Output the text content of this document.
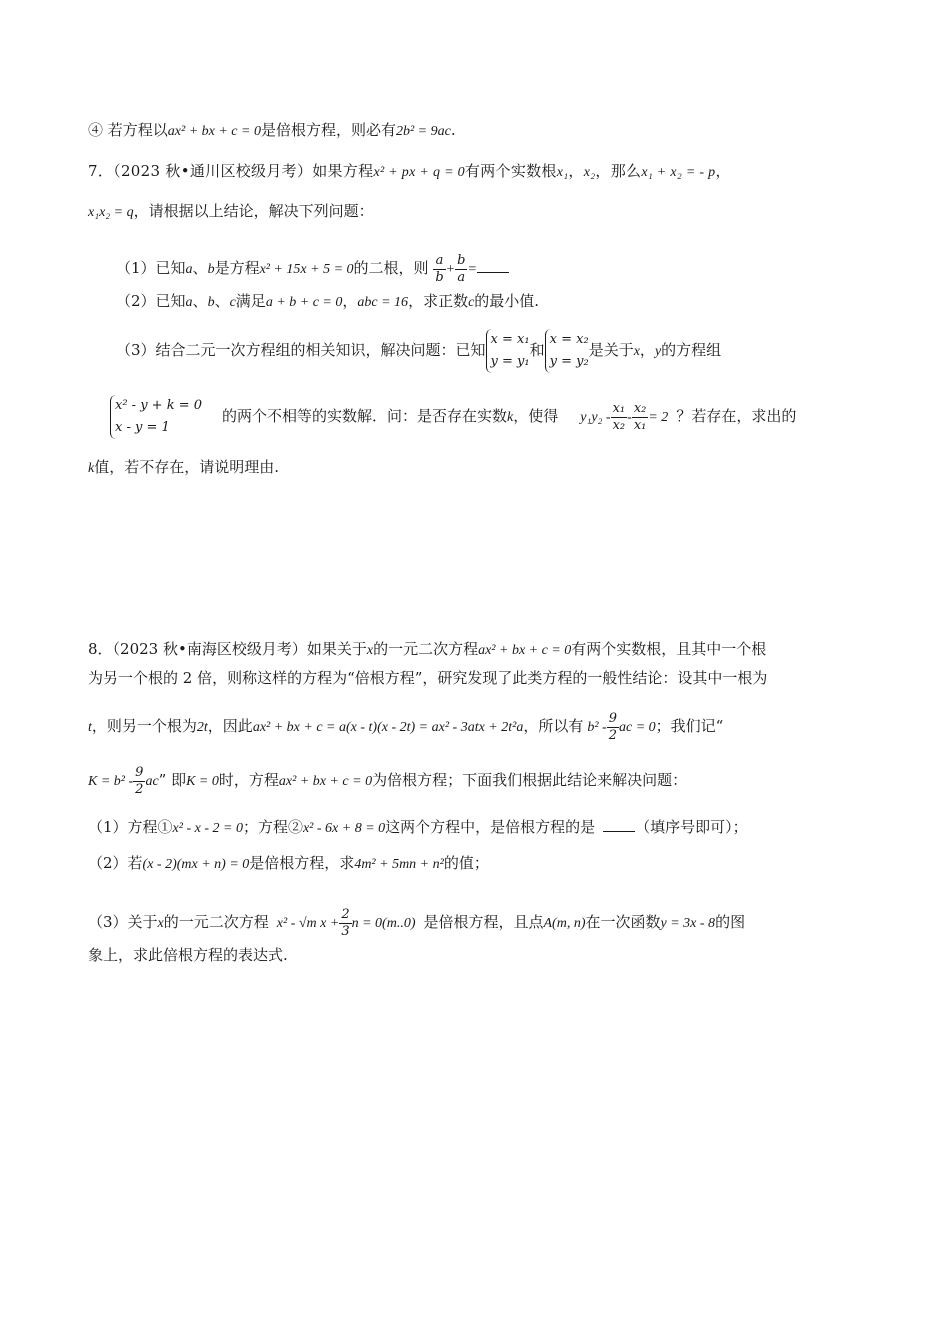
④ 若方程以ax² + bx + c = 0是倍根方程，则必有2b² = 9ac.
7．（2023 秋•通川区校级月考）如果方程x² + px + q = 0有两个实数根x₁，x₂，那么x₁ + x₂ = - p，
x₁x₂ = q，请根据以上结论，解决下列问题：
（1）已知a、b是方程x² + 15x + 5 = 0的二根，则 $\frac{a}{b} + \frac{b}{a}$ =
（2）已知a、b、c满足a + b + c = 0，abc = 16，求正数c的最小值.
（3）结合二元一次方程组的相关知识，解决问题：已知
x = x₁
y = y₁
和
x = x₂
y = y₂
是关于x，y的方程组
x² - y + k = 0
x - y = 1
的两个不相等的实数解．问：是否存在实数k，使得 $y_1y_2 - \frac{\text{x₁}}{\text{x₂}} - \frac{\text{x₂}}{\text{x₁}} = 2$ ？若存在，求出的
k值，若不存在，请说明理由.
8．（2023 秋•南海区校级月考）如果关于x的一元二次方程ax² + bx + c = 0有两个实数根，且其中一个根
为另一个根的 2 倍，则称这样的方程为“倍根方程”，研究发现了此类方程的一般性结论：设其中一根为
t，则另一个根为2t，因此ax² + bx + c = a(x - t)(x - 2t) = ax² - 3atx + 2t²a，所以有 $b^2 - \frac{9}{2}$ ac = 0；我们记“
$K = b^2 - \frac{9}{2}$ ac” 即K = 0时，方程ax² + bx + c = 0为倍根方程；下面我们根据此结论来解决问题：
（1）方程①x² - x - 2 = 0；方程②x² - 6x + 8 = 0这两个方程中，是倍根方程的是	（填序号即可）；
（2）若(x - 2)(mx + n) = 0是倍根方程，求4m² + 5mn + n²的值；
（3）关于x的一元二次方程 x² - √m $x + \frac{2}{3}$ n = 0(m..0) 是倍根方程，且点A(m, n)在一次函数y = 3x - 8的图
象上，求此倍根方程的表达式.
